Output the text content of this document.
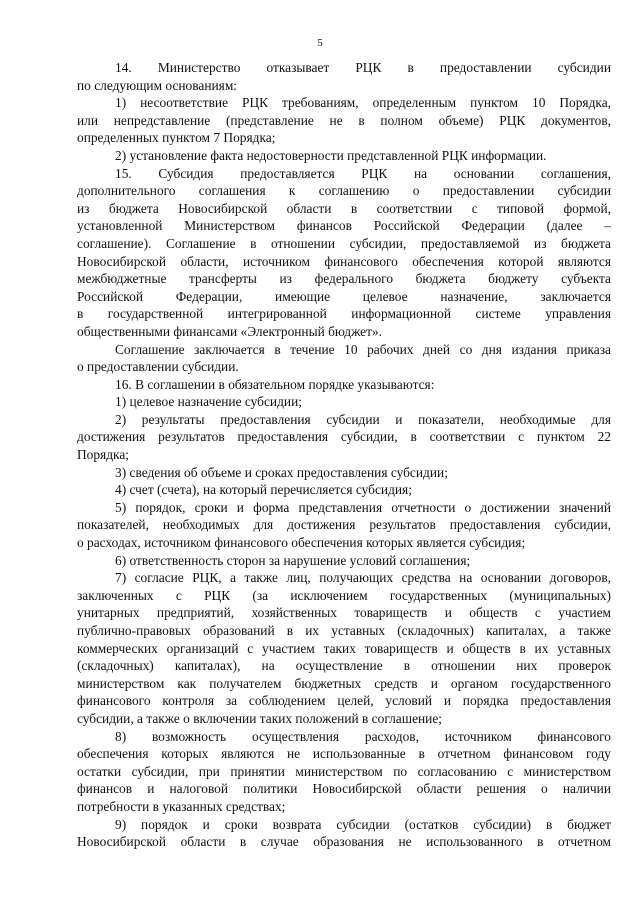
5
14. Министерство отказывает РЦК в предоставлении субсидии
по следующим основаниям:
1) несоответствие РЦК требованиям, определенным пунктом 10 Порядка,
или непредставление (представление не в полном объеме) РЦК документов,
определенных пунктом 7 Порядка;
2) установление факта недостоверности представленной РЦК информации.
15. Субсидия предоставляется РЦК на основании соглашения,
дополнительного соглашения к соглашению о предоставлении субсидии
из бюджета Новосибирской области в соответствии с типовой формой,
установленной Министерством финансов Российской Федерации (далее –
соглашение). Соглашение в отношении субсидии, предоставляемой из бюджета
Новосибирской области, источником финансового обеспечения которой являются
межбюджетные трансферты из федерального бюджета бюджету субъекта
Российской Федерации, имеющие целевое назначение, заключается
в государственной интегрированной информационной системе управления
общественными финансами «Электронный бюджет».
Соглашение заключается в течение 10 рабочих дней со дня издания приказа
о предоставлении субсидии.
16. В соглашении в обязательном порядке указываются:
1) целевое назначение субсидии;
2) результаты предоставления субсидии и показатели, необходимые для
достижения результатов предоставления субсидии, в соответствии с пунктом 22
Порядка;
3) сведения об объеме и сроках предоставления субсидии;
4) счет (счета), на который перечисляется субсидия;
5) порядок, сроки и форма представления отчетности о достижении значений
показателей, необходимых для достижения результатов предоставления субсидии,
о расходах, источником финансового обеспечения которых является субсидия;
6) ответственность сторон за нарушение условий соглашения;
7) согласие РЦК, а также лиц, получающих средства на основании договоров,
заключенных с РЦК (за исключением государственных (муниципальных)
унитарных предприятий, хозяйственных товариществ и обществ с участием
публично-правовых образований в их уставных (складочных) капиталах, а также
коммерческих организаций с участием таких товариществ и обществ в их уставных
(складочных) капиталах), на осуществление в отношении них проверок
министерством как получателем бюджетных средств и органом государственного
финансового контроля за соблюдением целей, условий и порядка предоставления
субсидии, а также о включении таких положений в соглашение;
8) возможность осуществления расходов, источником финансового
обеспечения которых являются не использованные в отчетном финансовом году
остатки субсидии, при принятии министерством по согласованию с министерством
финансов и налоговой политики Новосибирской области решения о наличии
потребности в указанных средствах;
9) порядок и сроки возврата субсидии (остатков субсидии) в бюджет
Новосибирской области в случае образования не использованного в отчетном
